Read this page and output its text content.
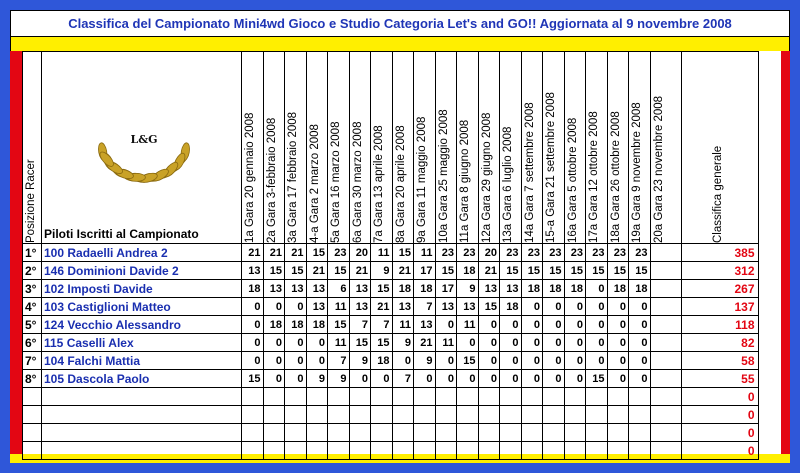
Classifica del Campionato Mini4wd Gioco e Studio Categoria Let's and GO!! Aggiornata al 9 novembre 2008
Posizione Racer	L&G
Piloti Iscritti al Campionato	1a Gara 20 gennaio 2008	2a Gara 3-febbraio 2008	3a Gara 17 febbraio 2008	4-a Gara 2 marzo 2008	5a Gara 16 marzo 2008	6a Gara 30 marzo 2008	7a Gara 13 aprile 2008	8a Gara 20 aprile 2008	9a Gara 11 maggio 2008	10a Gara 25 maggio 2008	11a Gara 8 giugno 2008	12a Gara 29 giugno 2008	13a Gara 6 luglio 2008	14a Gara 7 settembre 2008	15-a Gara 21 settembre 2008	16a Gara 5 ottobre 2008	17a Gara 12 ottobre 2008	18a Gara 26 ottobre 2008	19a Gara 9 novembre 2008	20a Gara 23 novembre 2008	Classifica generale

1°	100 Radaelli Andrea 2	21	21	21	15	23	20	11	15	11	23	23	20	23	23	23	23	23	23	23		385
2°	146 Dominioni Davide 2	13	15	15	21	15	21	9	21	17	15	18	21	15	15	15	15	15	15	15		312
3°	102 Imposti Davide	18	13	13	13	6	13	15	18	18	17	9	13	13	18	18	18	0	18	18		267
4°	103 Castiglioni Matteo	0	0	0	13	11	13	21	13	7	13	13	15	18	0	0	0	0	0	0		137
5°	124 Vecchio Alessandro	0	18	18	18	15	7	7	11	13	0	11	0	0	0	0	0	0	0	0		118
6°	115 Caselli Alex	0	0	0	0	11	15	15	9	21	11	0	0	0	0	0	0	0	0	0		82
7°	104 Falchi Mattia	0	0	0	0	7	9	18	0	9	0	15	0	0	0	0	0	0	0	0		58
8°	105 Dascola Paolo	15	0	0	9	9	0	0	7	0	0	0	0	0	0	0	0	15	0	0		55
																						0
																						0
																						0
																						0
